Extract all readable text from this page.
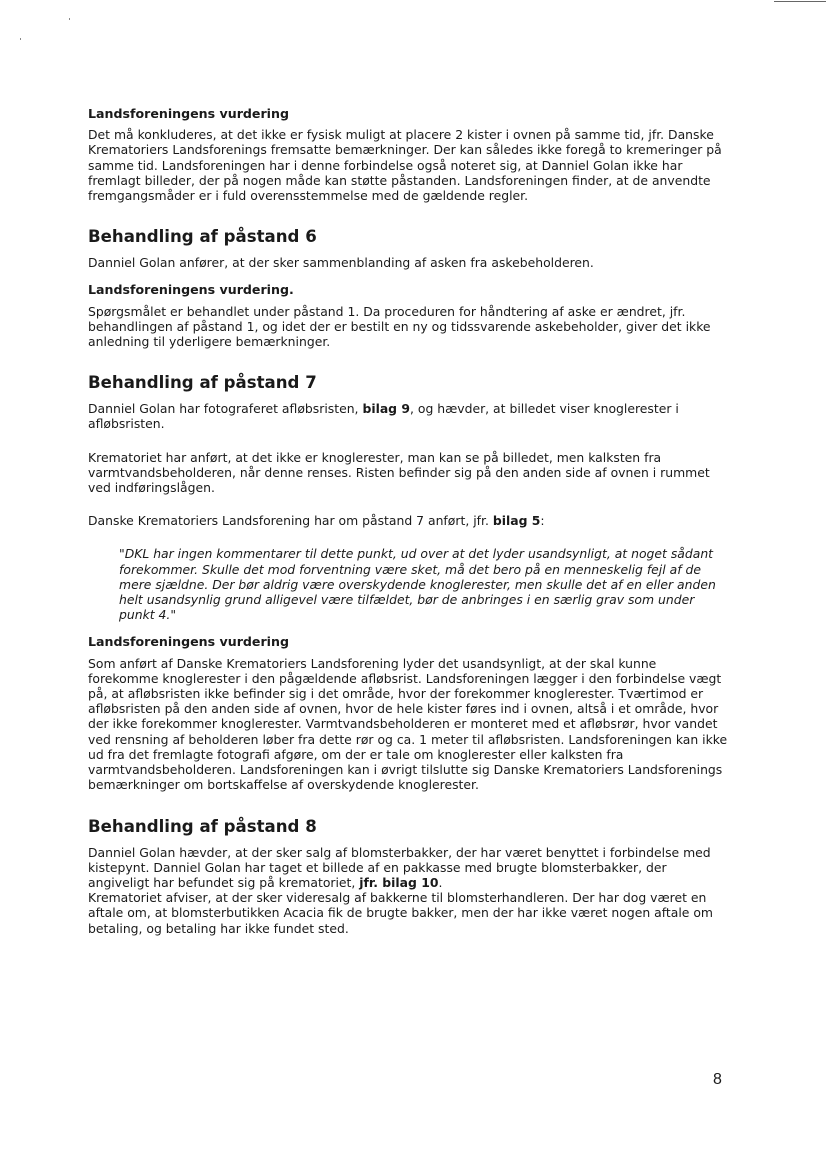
Landsforeningens vurdering

Det må konkluderes, at det ikke er fysisk muligt at placere 2 kister i ovnen på samme tid, jfr. Danske Krematoriers Landsforenings fremsatte bemærkninger. Der kan således ikke foregå to kremeringer på samme tid. Landsforeningen har i denne forbindelse også noteret sig, at Danniel Golan ikke har fremlagt billeder, der på nogen måde kan støtte påstanden. Landsforeningen finder, at de anvendte fremgangsmåder er i fuld overensstemmelse med de gældende regler.

Behandling af påstand 6

Danniel Golan anfører, at der sker sammenblanding af asken fra askebeholderen.

Landsforeningens vurdering.

Spørgsmålet er behandlet under påstand 1. Da proceduren for håndtering af aske er ændret, jfr. behandlingen af påstand 1, og idet der er bestilt en ny og tidssvarende askebeholder, giver det ikke anledning til yderligere bemærkninger.

Behandling af påstand 7

Danniel Golan har fotograferet afløbsristen, bilag 9, og hævder, at billedet viser knoglerester i afløbsristen.

Krematoriet har anført, at det ikke er knoglerester, man kan se på billedet, men kalksten fra varmtvandsbeholderen, når denne renses. Risten befinder sig på den anden side af ovnen i rummet ved indføringslågen.

Danske Krematoriers Landsforening har om påstand 7 anført, jfr. bilag 5:

"DKL har ingen kommentarer til dette punkt, ud over at det lyder usandsynligt, at noget sådant forekommer. Skulle det mod forventning være sket, må det bero på en menneskelig fejl af de mere sjældne. Der bør aldrig være overskydende knoglerester, men skulle det af en eller anden helt usandsynlig grund alligevel være tilfældet, bør de anbringes i en særlig grav som under punkt 4."

Landsforeningens vurdering

Som anført af Danske Krematoriers Landsforening lyder det usandsynligt, at der skal kunne forekomme knoglerester i den pågældende afløbsrist. Landsforeningen lægger i den forbindelse vægt på, at afløbsristen ikke befinder sig i det område, hvor der forekommer knoglerester. Tværtimod er afløbsristen på den anden side af ovnen, hvor de hele kister føres ind i ovnen, altså i et område, hvor der ikke forekommer knoglerester. Varmtvandsbeholderen er monteret med et afløbsrør, hvor vandet ved rensning af beholderen løber fra dette rør og ca. 1 meter til afløbsristen. Landsforeningen kan ikke ud fra det fremlagte fotografi afgøre, om der er tale om knoglerester eller kalksten fra varmtvandsbeholderen. Landsforeningen kan i øvrigt tilslutte sig Danske Krematoriers Landsforenings bemærkninger om bortskaffelse af overskydende knoglerester.

Behandling af påstand 8

Danniel Golan hævder, at der sker salg af blomsterbakker, der har været benyttet i forbindelse med kistepynt. Danniel Golan har taget et billede af en pakkasse med brugte blomsterbakker, der angiveligt har befundet sig på krematoriet, jfr. bilag 10.

Krematoriet afviser, at der sker videresalg af bakkerne til blomsterhandleren. Der har dog været en aftale om, at blomsterbutikken Acacia fik de brugte bakker, men der har ikke været nogen aftale om betaling, og betaling har ikke fundet sted.

8
